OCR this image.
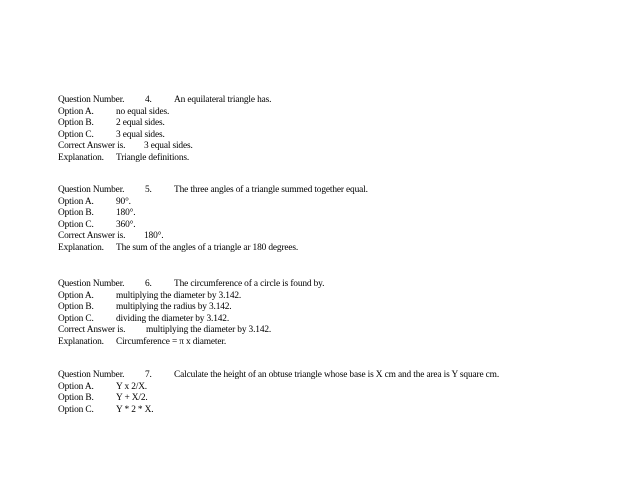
Question Number. 4. An equilateral triangle has.
Option A. no equal sides.
Option B. 2 equal sides.
Option C. 3 equal sides.
Correct Answer is. 3 equal sides.
Explanation. Triangle definitions.
Question Number. 5. The three angles of a triangle summed together equal.
Option A. 90°.
Option B. 180°.
Option C. 360°.
Correct Answer is. 180°.
Explanation. The sum of the angles of a triangle ar 180 degrees.
Question Number. 6. The circumference of a circle is found by.
Option A. multiplying the diameter by 3.142.
Option B. multiplying the radius by 3.142.
Option C. dividing the diameter by 3.142.
Correct Answer is. multiplying the diameter by 3.142.
Explanation. Circumference = π x diameter.
Question Number. 7. Calculate the height of an obtuse triangle whose base is X cm and the area is Y square cm.
Option A. Y x 2/X.
Option B. Y + X/2.
Option C. Y * 2 * X.
